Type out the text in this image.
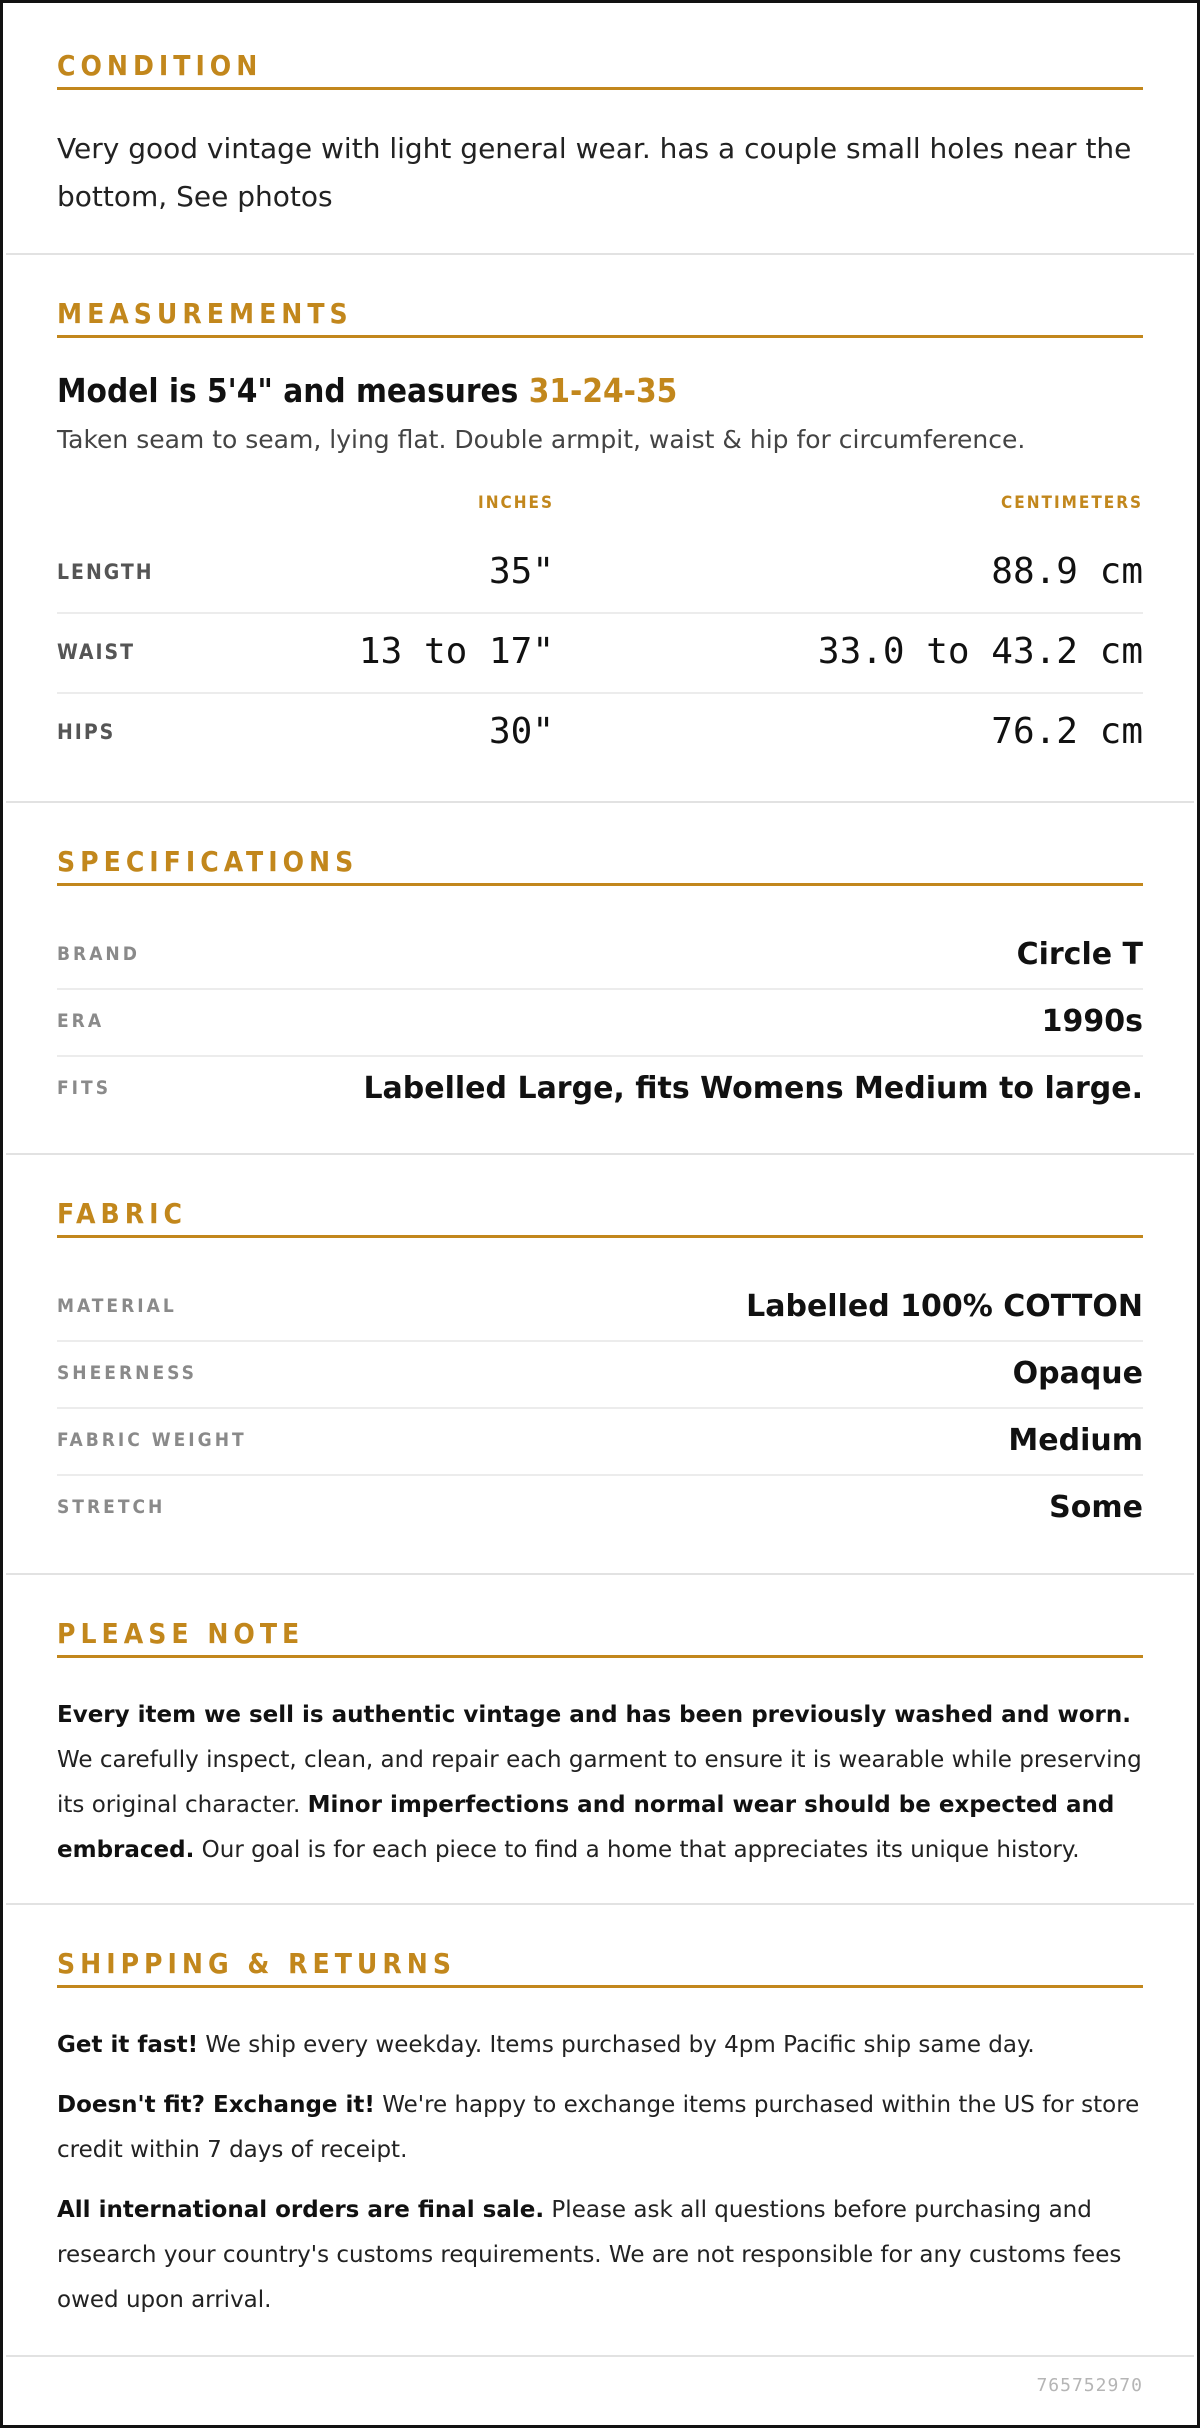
CONDITION
Very good vintage with light general wear. has a couple small holes near the bottom, See photos
MEASUREMENTS
Model is 5'4" and measures 31-24-35
Taken seam to seam, lying flat. Double armpit, waist & hip for circumference.
INCHES	CENTIMETERS
LENGTH	35"	88.9 cm
WAIST	13 to 17"	33.0 to 43.2 cm
HIPS	30"	76.2 cm
SPECIFICATIONS
BRAND	Circle T
ERA	1990s
FITS	Labelled Large, fits Womens Medium to large.
FABRIC
MATERIAL	Labelled 100% COTTON
SHEERNESS	Opaque
FABRIC WEIGHT	Medium
STRETCH	Some
PLEASE NOTE
Every item we sell is authentic vintage and has been previously washed and worn. We carefully inspect, clean, and repair each garment to ensure it is wearable while preserving its original character. Minor imperfections and normal wear should be expected and embraced. Our goal is for each piece to find a home that appreciates its unique history.
SHIPPING & RETURNS
Get it fast! We ship every weekday. Items purchased by 4pm Pacific ship same day.
Doesn't fit? Exchange it! We're happy to exchange items purchased within the US for store credit within 7 days of receipt.
All international orders are final sale. Please ask all questions before purchasing and research your country's customs requirements. We are not responsible for any customs fees owed upon arrival.
765752970
